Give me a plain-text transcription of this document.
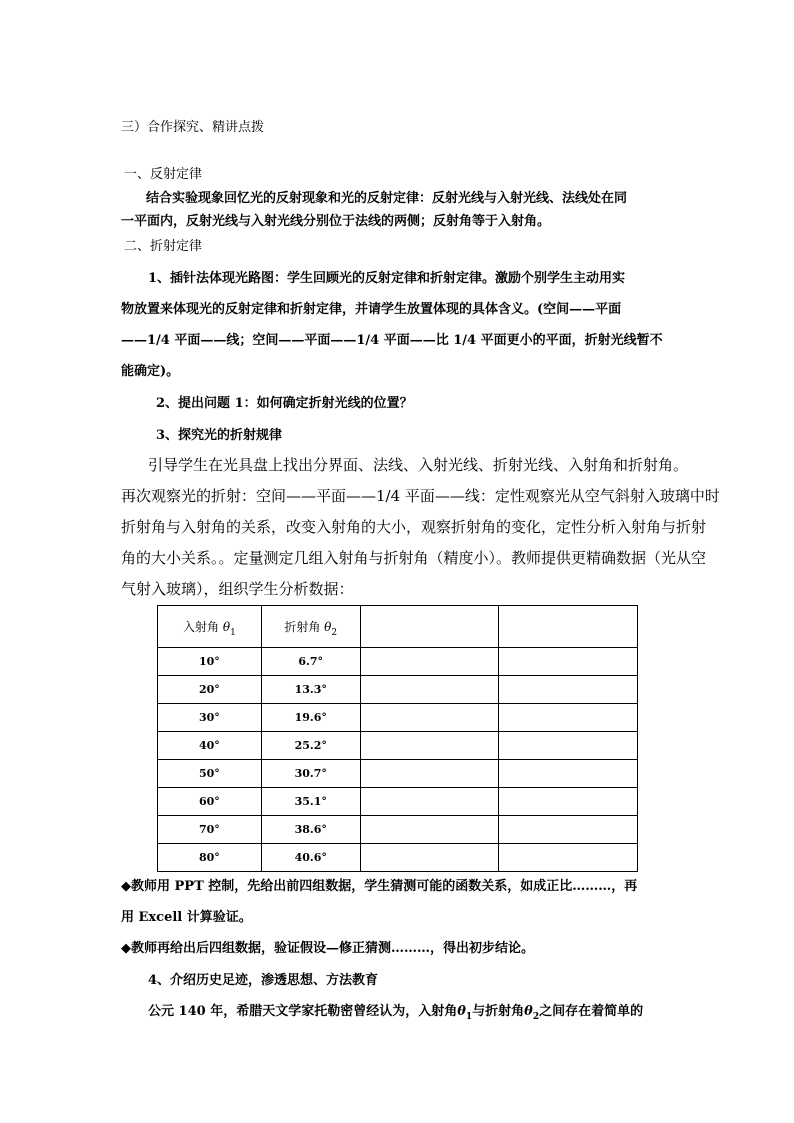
三）合作探究、精讲点拨
一、反射定律
结合实验现象回忆光的反射现象和光的反射定律：反射光线与入射光线、法线处在同
一平面内，反射光线与入射光线分别位于法线的两侧；反射角等于入射角。
二、折射定律
1、插针法体现光路图：学生回顾光的反射定律和折射定律。激励个别学生主动用实
物放置来体现光的反射定律和折射定律，并请学生放置体现的具体含义。(空间——平面
——1/4 平面——线；空间——平面——1/4 平面——比 1/4 平面更小的平面，折射光线暂不
能确定)。
2、提出问题 1：如何确定折射光线的位置？
3、探究光的折射规律
引导学生在光具盘上找出分界面、法线、入射光线、折射光线、入射角和折射角。
再次观察光的折射：空间——平面——1/4 平面——线：定性观察光从空气斜射入玻璃中时
折射角与入射角的关系，改变入射角的大小，观察折射角的变化，定性分析入射角与折射
角的大小关系。。定量测定几组入射角与折射角（精度小）。教师提供更精确数据（光从空
气射入玻璃），组织学生分析数据：
入射角 $\theta_1$	折射角 $\theta_2$		
10°	6.7°		
20°	13.3°		
30°	19.6°		
40°	25.2°		
50°	30.7°		
60°	35.1°		
70°	38.6°		
80°	40.6°		
◆教师用 PPT 控制，先给出前四组数据，学生猜测可能的函数关系，如成正比………，再
用 Excell 计算验证。
◆教师再给出后四组数据，验证假设—修正猜测………，得出初步结论。
4、介绍历史足迹，渗透思想、方法教育
公元 140 年，希腊天文学家托勒密曾经认为，入射角$\theta_1$与折射角$\theta_2$之间存在着简单的
